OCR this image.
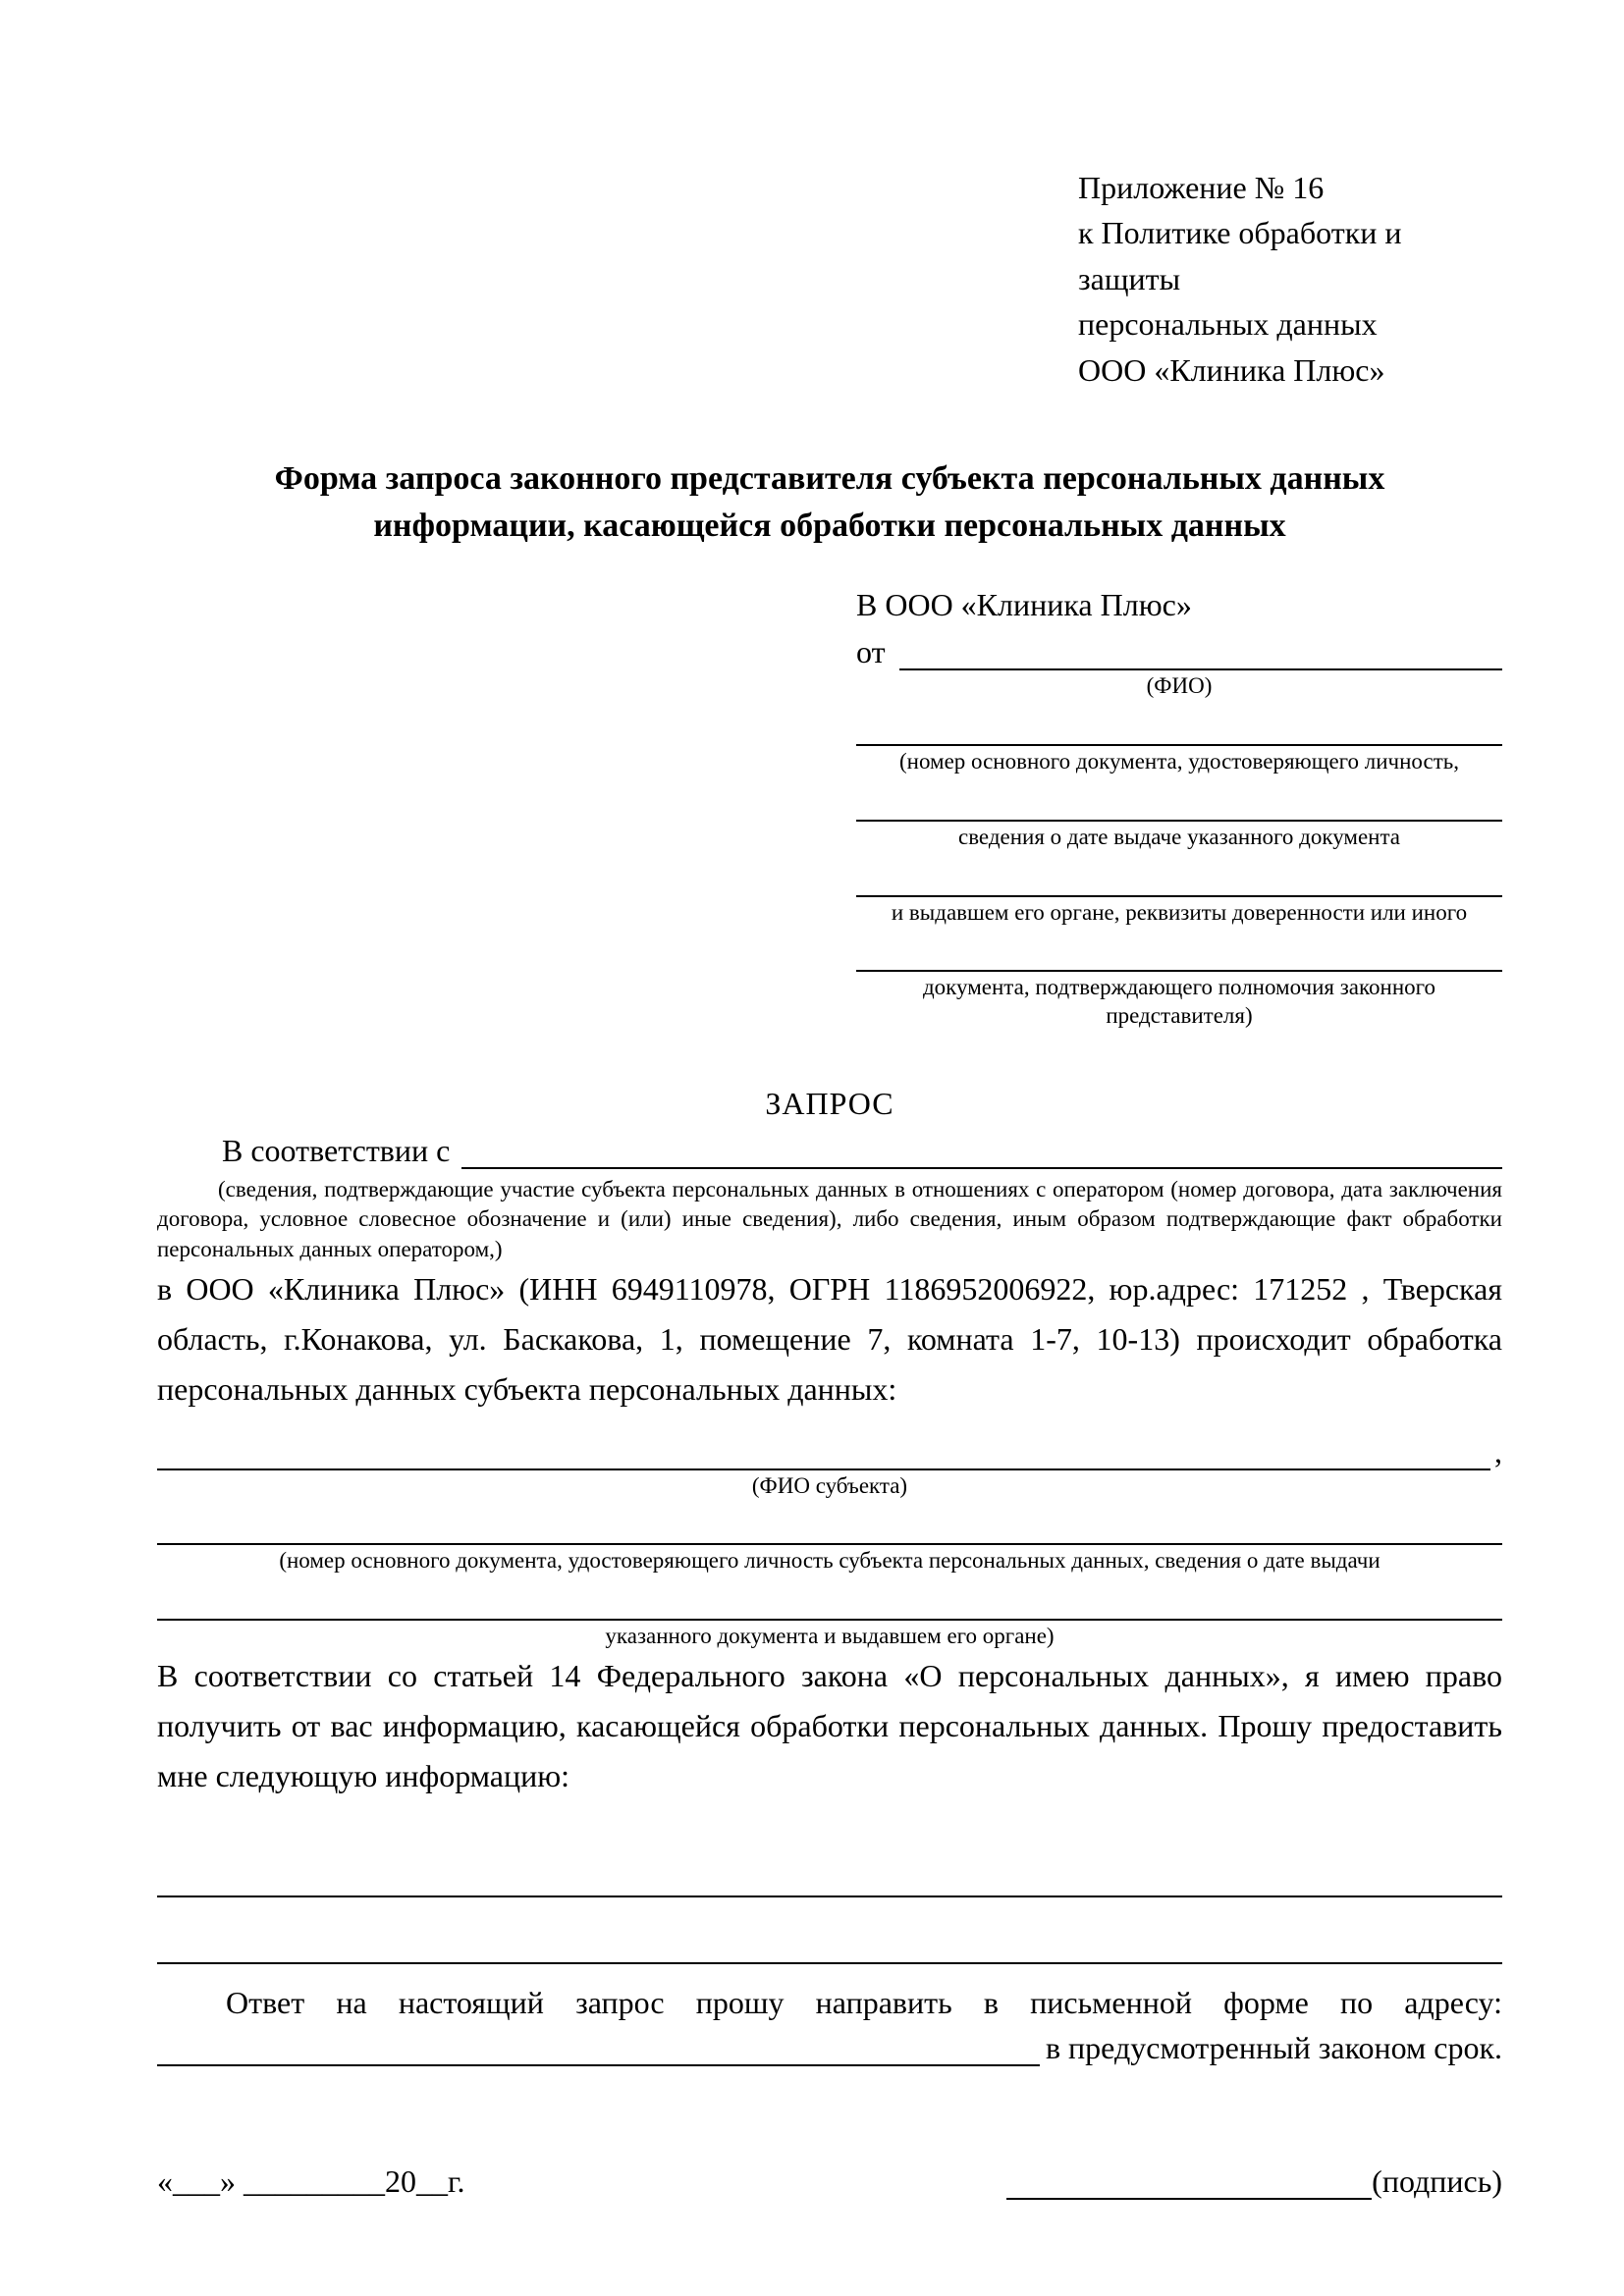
Приложение № 16
к Политике обработки и защиты
персональных данных
ООО «Клиника Плюс»
Форма запроса законного представителя субъекта персональных данных
информации, касающейся обработки персональных данных
В ООО «Клиника Плюс»
от
(ФИО)
(номер основного документа, удостоверяющего личность,
сведения о дате выдаче указанного документа
и выдавшем его органе, реквизиты доверенности или иного
документа, подтверждающего полномочия законного представителя)
ЗАПРОС
В соответствии с
(сведения, подтверждающие участие субъекта персональных данных в отношениях с оператором (номер договора, дата заключения договора, условное словесное обозначение и (или) иные сведения), либо сведения, иным образом подтверждающие факт обработки персональных данных оператором,)
в ООО «Клиника Плюс» (ИНН 6949110978, ОГРН 1186952006922, юр.адрес: 171252 , Тверская область, г.Конакова, ул. Баскакова, 1, помещение 7, комната 1-7, 10-13) происходит обработка персональных данных субъекта персональных данных:
,
(ФИО субъекта)
(номер основного документа, удостоверяющего личность субъекта персональных данных, сведения о дате выдачи
указанного документа и выдавшем его органе)
В соответствии со статьей 14 Федерального закона «О персональных данных», я имею право получить от вас информацию, касающейся обработки персональных данных. Прошу предоставить мне следующую информацию:
Ответ на настоящий запрос прошу направить в письменной форме по адресу:
в предусмотренный законом срок.
«___» _________20__г.	(подпись)
